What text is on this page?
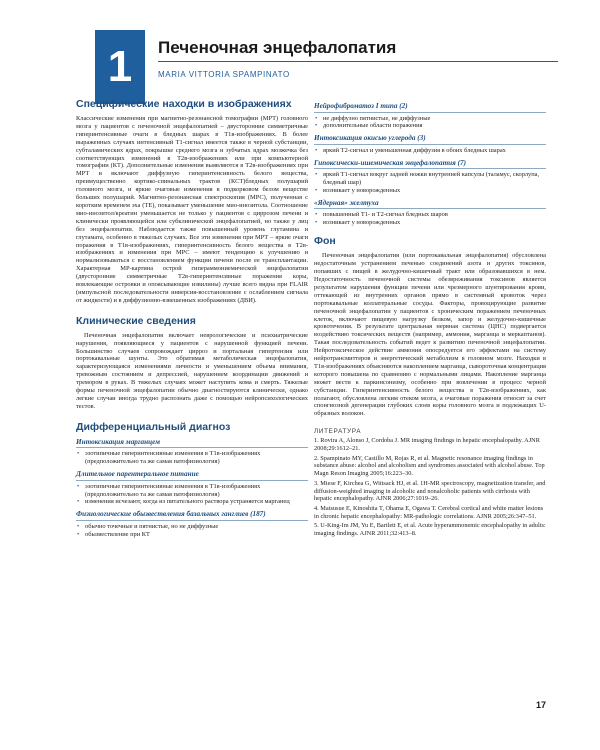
1	Печеночная энцефалопатия
MARIA VITTORIA SPAMPINATO
Специфические находки в изображениях

Классические изменения при магнитно-резонансной томографии (МРТ) головного мозга у пациентов с печеночной энцефалопатией – двусторонние симметричные гиперинтенсивные очаги в бледных шарах в Т1в-изображениях. В более выраженных случаях интенсивный Т1-сигнал имеется также в черной субстанции, субталамических ядрах, покрышке среднего мозга и зубчатых ядрах мозжечка без соответствующих изменений в Т2в-изображениях или при компьютерной томографии (КТ). Дополнительные изменения выявляются в Т2в-изображениях при МРТ и включают диффузную гиперинтенсивность белого вещества, преимущественно кортико-спинальных трактов (КСТ)бледных полушарий головного мозга, и яркие очаговые изменения в подкорковом белом веществе больших полушарий. Магнитно-резонансная спектроскопия (МРС), полученная с коротким временем эха (ТЕ), показывает уменьшение мио-инозитола. Соотношение мио-инозитол/креатин уменьшается не только у пациентов с циррозом печени и клинически проявляющейся или субклинической энцефалопатией, но также у лиц без энцефалопатии. Наблюдается также повышенный уровень глутамина и глутамата, особенно в тяжелых случаях. Все эти изменения при МРТ – яркие очаги поражения в Т1в-изображениях, гиперинтенсивность белого вещества в Т2в-изображениях и изменения при МРС – имеют тенденцию к улучшению и нормализовываться с восстановлением функции печени после ее трансплантации. Характерная МР-картина острой гипераммониемической энцефалопатии (двусторонние симметричные Т2в-гиперинтенсивные поражения коры, вовлекающие островки и опоясывающие извилины) лучше всего видна при FLAIR (импульсной последовательности инверсия-восстановление с ослаблением сигнала от жидкости) и в диффузионно-взвешенных изображениях (ДВИ).

Клинические сведения

Печеночная энцефалопатия включает неврологические и психиатрические нарушения, появляющиеся у пациентов с нарушенной функцией печени. Большинство случаев сопровождает цирроз и портальная гипертензия или портокавальные шунты. Это обратимая метаболическая энцефалопатия, характеризующаяся изменениями личности и уменьшением объема внимания, тревожным состоянием и депрессией, нарушением координации движений и тремором в руках. В тяжелых случаях может наступить кома и смерть. Тяжелые формы печеночной энцефалопатии обычно диагностируются клинически, однако легкие случаи иногда трудно распознать даже с помощью нейропсихологических тестов.

Дифференциальный диагноз
Интоксикация марганцем
• эзотипичные гиперинтенсивные изменения в Т1в-изображениях (предположительно та же самая патофизиология)
Длительное парентеральное питание
• эзотипичные гиперинтенсивные изменения в Т1в-изображениях (предположительно та же самая патофизиология)
• изменения исчезают, когда из питательного раствора устраняется марганец
Физиологические обызвествления базальных ганглиев (187)
• обычно точечные и пятнистые, но не диффузные
• обызвествление при КТ
Нейрофиброматоз I типа (2)
• не диффузно пятнистые, не диффузные
• дополнительные области поражения
Интоксикация окисью углерода (3)
• яркий Т2-сигнал и уменьшенная диффузия в обоих бледных шарах
Гипоксически-ишемическая энцефалопатия (7)
• яркий Т1-сигнал вокруг задней ножки внутренней капсулы (таламус, скорлупа, бледный шар)
• возникает у новорожденных
«Ядерная» желтуха
• повышенный Т1- и Т2-сигнал бледных шаров
• возникает у новорожденных
Фон

Печеночная энцефалопатия (или портокавальная энцефалопатия) обусловлена недостаточным устранением печенью соединений азота и других токсинов, попавших с пищей в желудочно-кишечный тракт или образовавшихся в нем. Недостаточность печеночной системы обезвреживания токсинов является результатом нарушения функции печени или чрезмерного шунтирования крови, оттекающей из внутренних органов прямо в системный кровоток через портокавальные коллатеральные сосуды. Факторы, провоцирующие развитие печеночной энцефалопатии у пациентов с хроническим поражением печеночных клеток, включают пищевую нагрузку белком, запор и желудочно-кишечные кровотечения. В результате центральная нервная система (ЦНС) подвергается воздействию токсических веществ (например, аммония, марганца и меркаптанов). Такая последовательность событий ведет к развитию печеночной энцефалопатии. Нейротоксическое действие аммония опосредуется его эффектами на систему нейротрансмиттеров и энергетический метаболизм в головном мозге. Находки в Т1в-изображениях объясняются накоплением марганца, сывороточная концентрация которого повышена по сравнению с нормальными лицами. Накопление марганца может вести к паркинсонизму, особенно при вовлечении в процесс черной субстанции. Гиперинтенсивность белого вещества в Т2в-изображениях, как полагают, обусловлена легким отеком мозга, а очаговые поражения относят за счет спонгиозной дегенерации глубоких слоев коры головного мозга и подлежащих U-образных волокон.

ЛИТЕРАТУРА

1. Rovira A, Alonso J, Cordoba J. MR imaging findings in hepatic encephalopathy. AJNR 2008;29:1612–21.

2. Spampinato MY, Castillo M, Rojas R, et al. Magnetic resonance imaging findings in substance abuse: alcohol and alcoholism and syndromes associated with alcohol abuse. Top Magn Reson Imaging 2005;16:223–30.

3. Miese F, Kirchea G, Wittsack HJ, et al. 1H-MR spectroscopy, magnetization transfer, and diffusion-weighted imaging in alcoholic and nonalcoholic patients with cirrhosis with hepatic encephalopathy. AJNR 2006;27:1019–26.

4. Matsusue E, Kinoshita T, Ohama E, Ogawa T. Cerebral cortical and white matter lesions in chronic hepatic encephalopathy: MR-pathologic correlations. AJNR 2005;26:347–51.

5. U-King-Im JM, Yu E, Bartlett E, et al. Acute hyperammonemic encephalopathy in adults: imaging findings. AJNR 2011;32:413–8.

17
